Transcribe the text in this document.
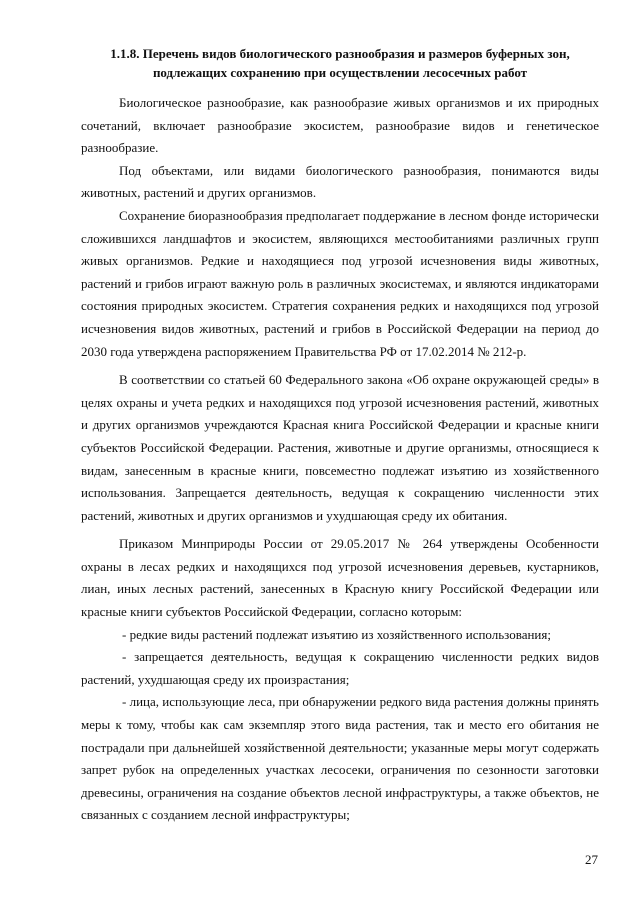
1.1.8. Перечень видов биологического разнообразия и размеров буферных зон,
подлежащих сохранению при осуществлении лесосечных работ

Биологическое разнообразие, как разнообразие живых организмов и их природных сочетаний, включает разнообразие экосистем, разнообразие видов и генетическое разнообразие.

Под объектами, или видами биологического разнообразия, понимаются виды животных, растений и других организмов.

Сохранение биоразнообразия предполагает поддержание в лесном фонде исторически сложившихся ландшафтов и экосистем, являющихся местообитаниями различных групп живых организмов. Редкие и находящиеся под угрозой исчезновения виды животных, растений и грибов играют важную роль в различных экосистемах, и являются индикаторами состояния природных экосистем. Стратегия сохранения редких и находящихся под угрозой исчезновения видов животных, растений и грибов в Российской Федерации на период до 2030 года утверждена распоряжением Правительства РФ от 17.02.2014 № 212-р.

В соответствии со статьей 60 Федерального закона «Об охране окружающей среды» в целях охраны и учета редких и находящихся под угрозой исчезновения растений, животных и других организмов учреждаются Красная книга Российской Федерации и красные книги субъектов Российской Федерации. Растения, животные и другие организмы, относящиеся к видам, занесенным в красные книги, повсеместно подлежат изъятию из хозяйственного использования. Запрещается деятельность, ведущая к сокращению численности этих растений, животных и других организмов и ухудшающая среду их обитания.

Приказом Минприроды России от 29.05.2017 № 264 утверждены Особенности охраны в лесах редких и находящихся под угрозой исчезновения деревьев, кустарников, лиан, иных лесных растений, занесенных в Красную книгу Российской Федерации или красные книги субъектов Российской Федерации, согласно которым:

- редкие виды растений подлежат изъятию из хозяйственного использования;

- запрещается деятельность, ведущая к сокращению численности редких видов растений, ухудшающая среду их произрастания;

- лица, использующие леса, при обнаружении редкого вида растения должны принять меры к тому, чтобы как сам экземпляр этого вида растения, так и место его обитания не пострадали при дальнейшей хозяйственной деятельности; указанные меры могут содержать запрет рубок на определенных участках лесосеки, ограничения по сезонности заготовки древесины, ограничения на создание объектов лесной инфраструктуры, а также объектов, не связанных с созданием лесной инфраструктуры;

27
